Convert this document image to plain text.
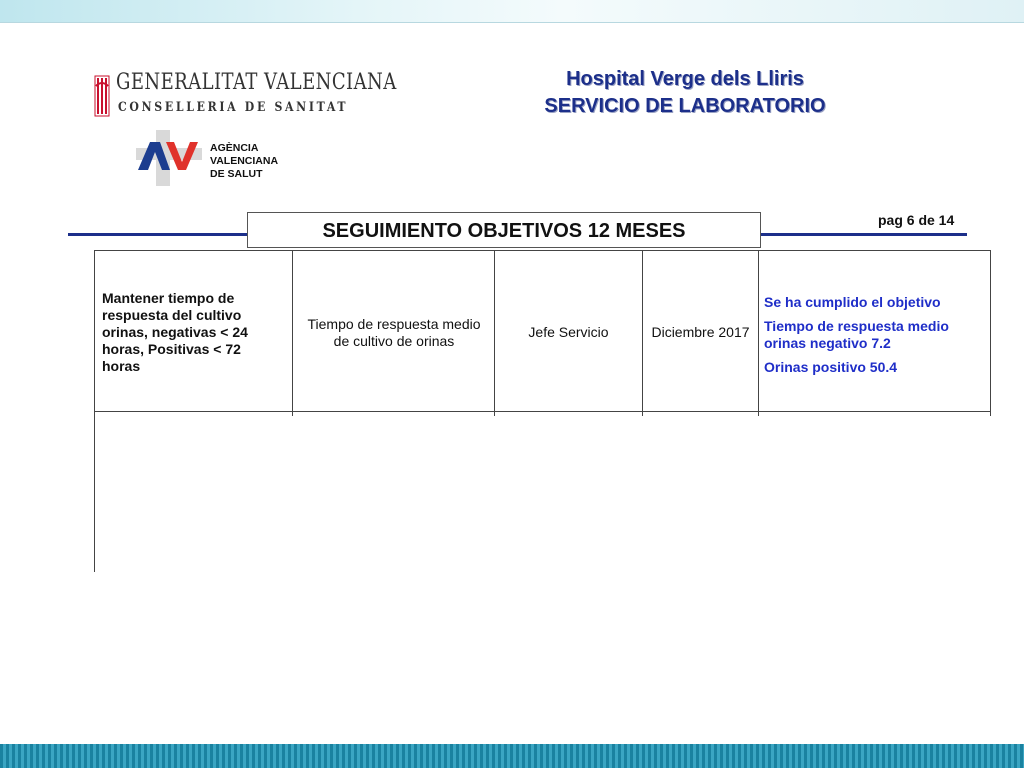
GENERALITAT VALENCIANA
CONSELLERIA DE SANITAT
AGÈNCIA
VALENCIANA
DE SALUT
Hospital Verge dels Lliris
SERVICIO DE LABORATORIO
SEGUIMIENTO OBJETIVOS 12 MESES	pag 6 de 14
Mantener tiempo de respuesta del cultivo orinas, negativas < 24 horas, Positivas < 72 horas
Tiempo de respuesta medio de cultivo de orinas
Jefe Servicio	Diciembre 2017
Se ha cumplido el objetivo
Tiempo de respuesta medio orinas negativo 7.2
Orinas positivo 50.4
